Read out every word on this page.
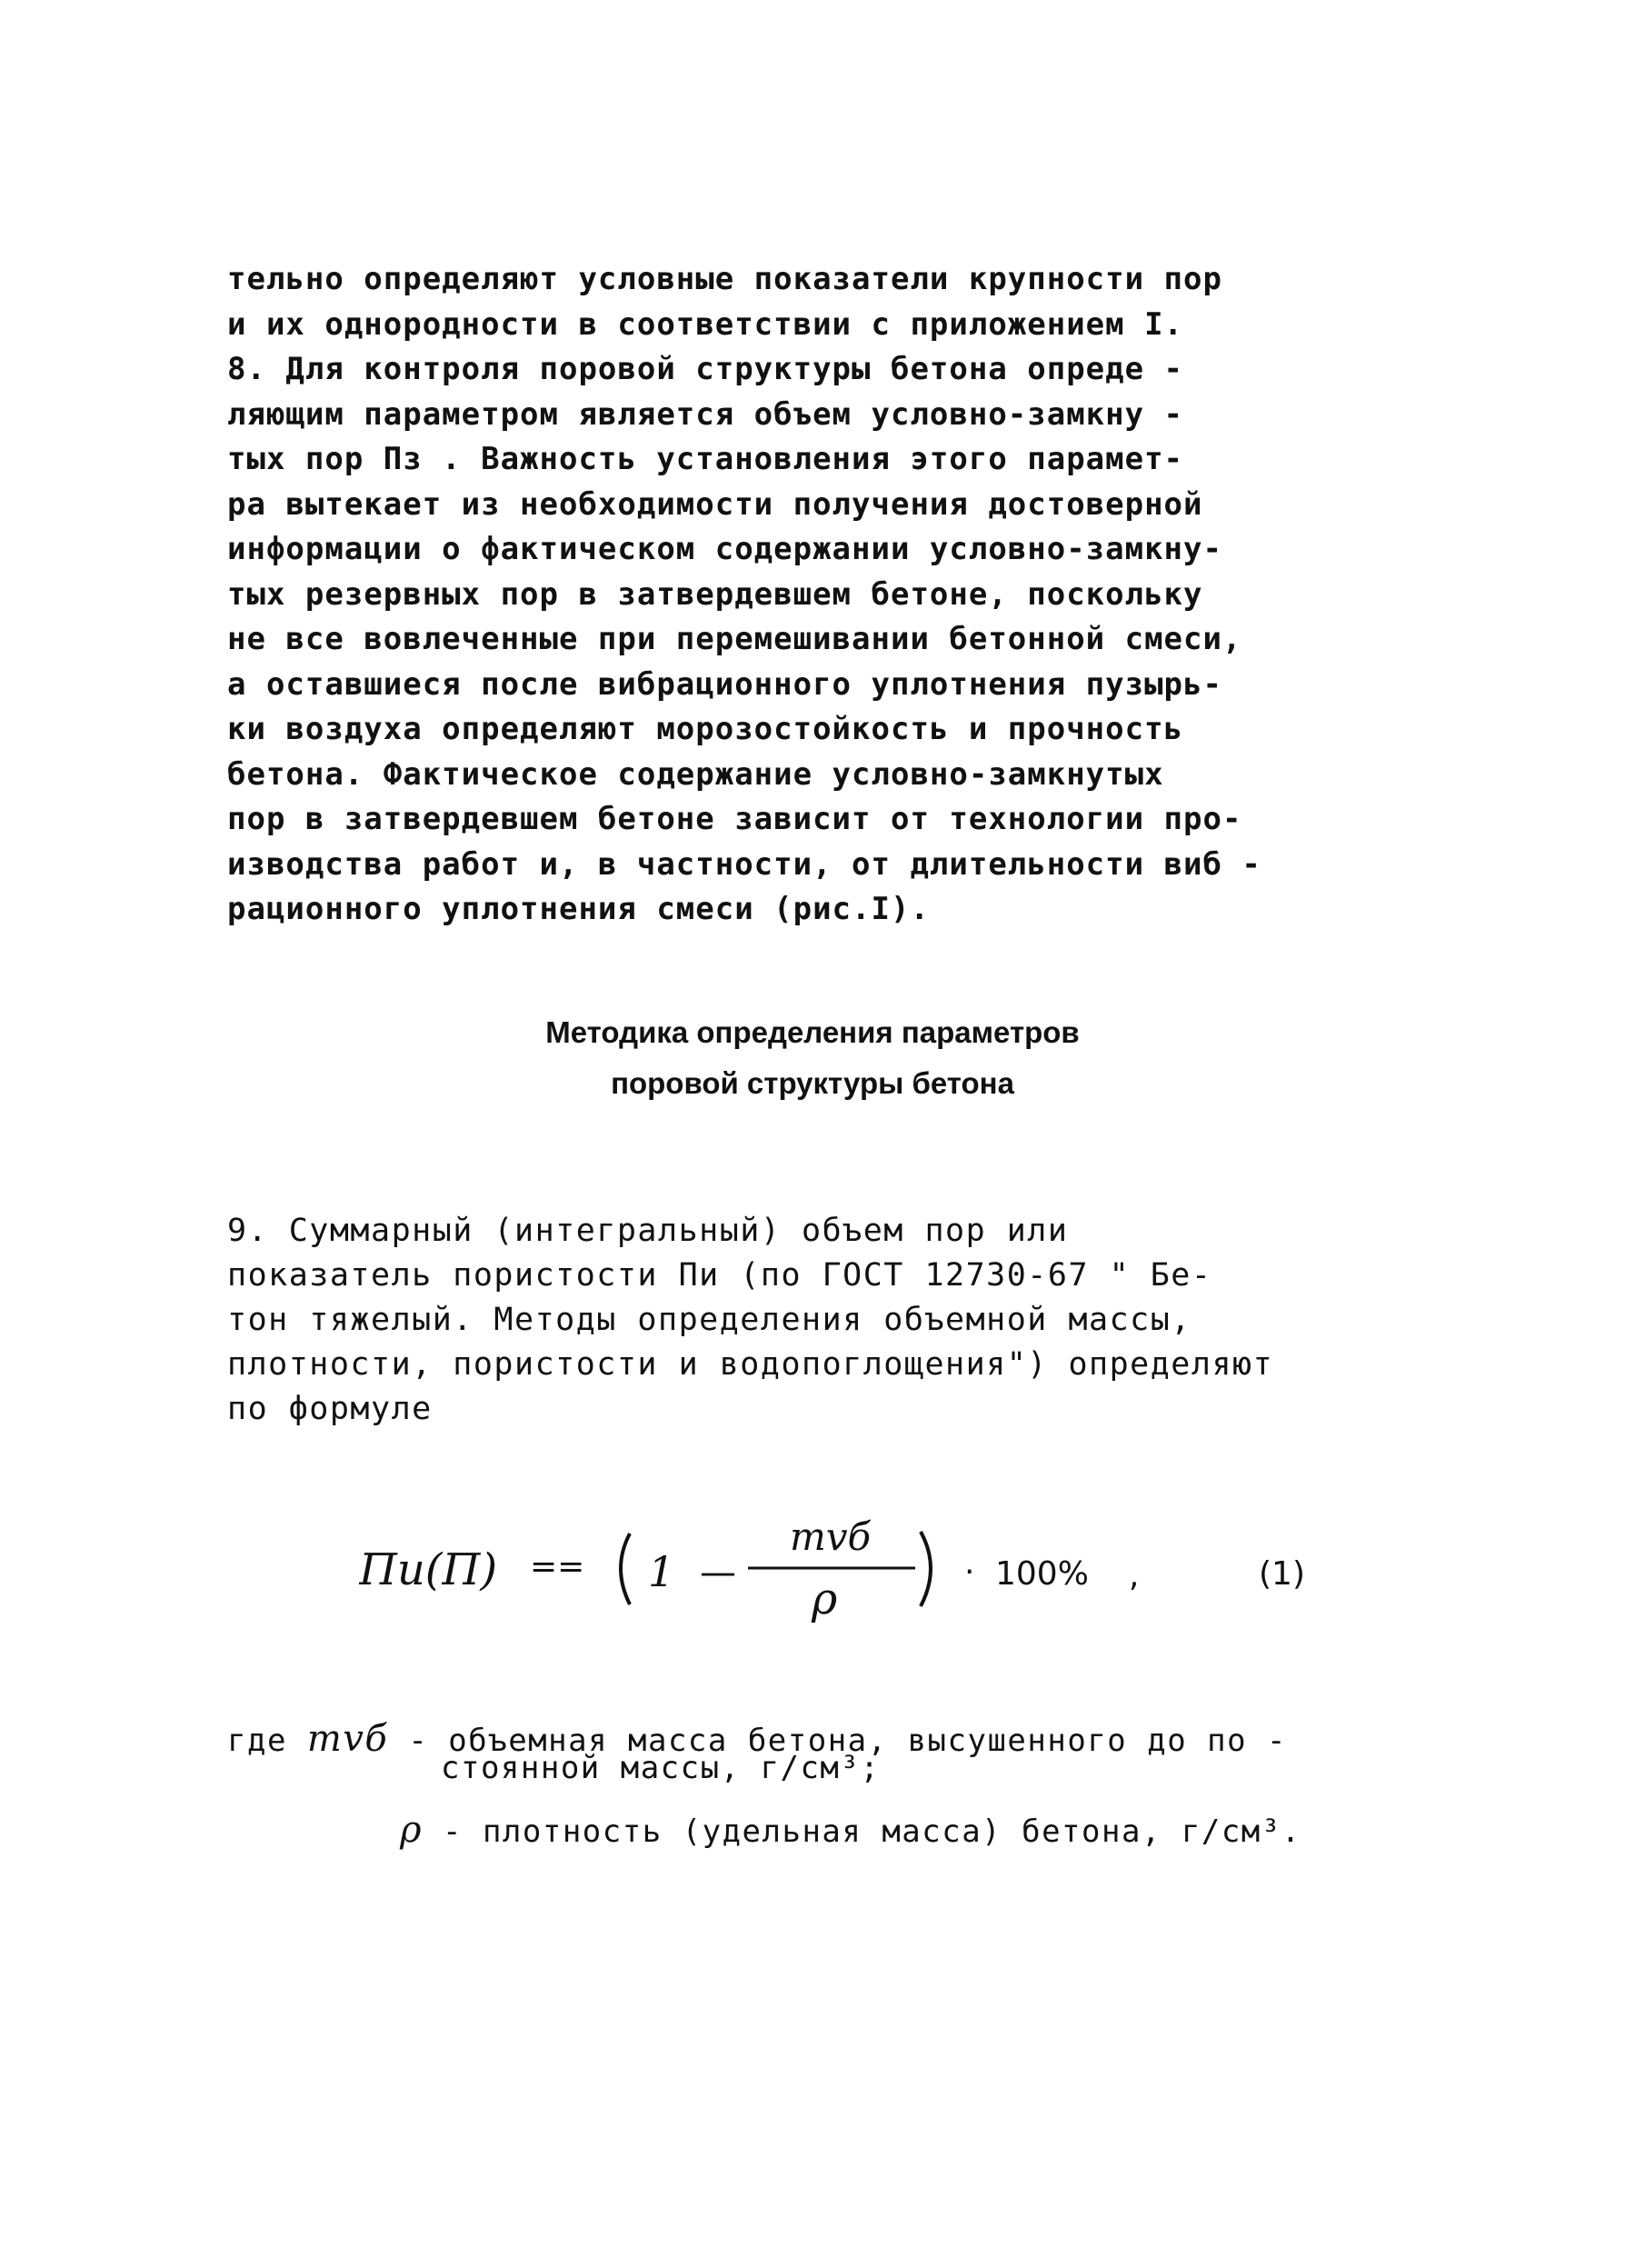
тельно определяют условные показатели крупности пор
и их однородности в соответствии с приложением I.
8. Для контроля поровой структуры бетона опреде -
ляющим параметром является объем условно-замкну -
тых пор Пз . Важность установления этого парамет-
ра вытекает из необходимости получения достоверной
информации о фактическом содержании условно-замкну-
тых резервных пор в затвердевшем бетоне, поскольку
не все вовлеченные при перемешивании бетонной смеси,
а оставшиеся после вибрационного уплотнения пузырь-
ки воздуха определяют морозостойкость и прочность
бетона. Фактическое содержание условно-замкнутых
пор в затвердевшем бетоне зависит от технологии про-
изводства работ и, в частности, от длительности виб -
рационного уплотнения смеси (рис.I).
Методика определения параметров
поровой структуры бетона
9. Суммарный (интегральный) объем пор или
показатель пористости Пи (по ГОСТ 12730-67 " Бе-
тон тяжелый. Методы определения объемной массы,
плотности, пористости и водопоглощения") определяют
по формуле
Пи(П) == 1 —
mvб
ρ
· 100% ,	(1)
где mvб - объемная масса бетона, высушенного до по -
стоянной массы, г/см³;
ρ - плотность (удельная масса) бетона, г/см³.
